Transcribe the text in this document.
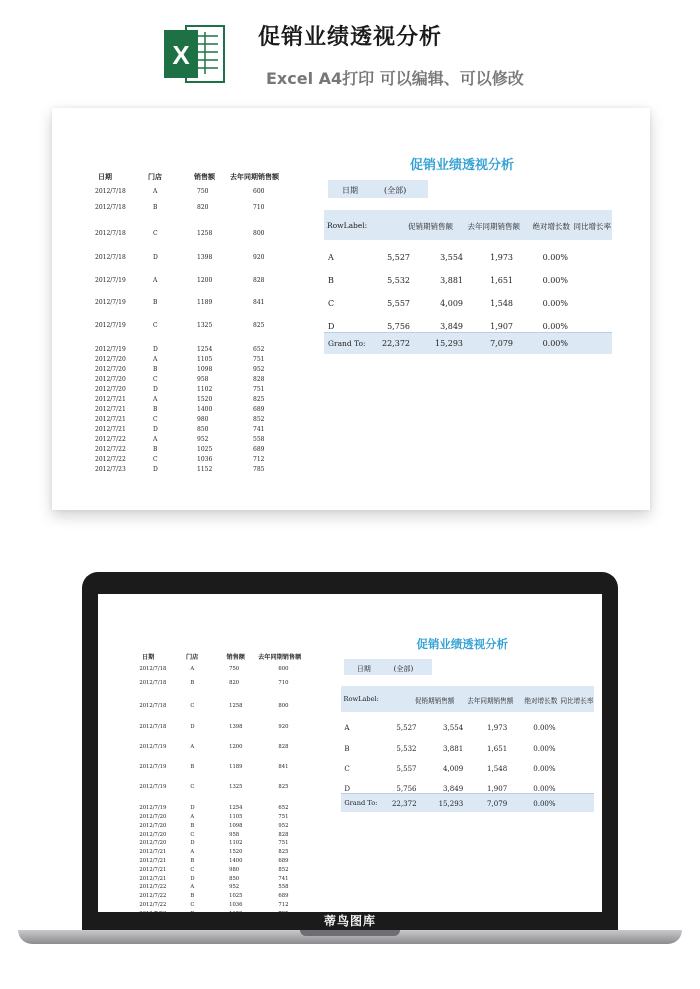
X
促销业绩透视分析
Excel A4打印 可以编辑、可以修改
日期	门店	销售额 去年同期销售额
2012/7/18	A	750	600
2012/7/18	B	820	710
2012/7/18	C	1258	800
2012/7/18	D	1398	920
2012/7/19	A	1200	828
2012/7/19	B	1189	841
2012/7/19	C	1325	825
2012/7/19	D	1254	652
2012/7/20	A	1105	751
2012/7/20	B	1098	952
2012/7/20	C	958	828
2012/7/20	D	1102	751
2012/7/21	A	1520	825
2012/7/21	B	1400	689
2012/7/21	C	980	852
2012/7/21	D	850	741
2012/7/22	A	952	558
2012/7/22	B	1025	689
2012/7/22	C	1036	712
2012/7/23	D	1152	785
促销业绩透视分析
日期	(全部)
RowLabel:	促销期销售额	去年同期销售额	绝对增长数 同比增长率
A	5,527	3,554	1,973	0.00%
B	5,532	3,881	1,651	0.00%
C	5,557	4,009	1,548	0.00%
D	5,756	3,849	1,907	0.00%
Grand To:	22,372	15,293	7,079	0.00%
日期	门店	销售额 去年同期销售额
2012/7/18	A	750	600
2012/7/18	B	820	710
2012/7/18	C	1258	800
2012/7/18	D	1398	920
2012/7/19	A	1200	828
2012/7/19	B	1189	841
2012/7/19	C	1325	825
2012/7/19	D	1254	652
2012/7/20	A	1105	751
2012/7/20	B	1098	952
2012/7/20	C	958	828
2012/7/20	D	1102	751
2012/7/21	A	1520	825
2012/7/21	B	1400	689
2012/7/21	C	980	852
2012/7/21	D	850	741
2012/7/22	A	952	558
2012/7/22	B	1025	689
2012/7/22	C	1036	712
2012/7/23	D	1152	785
促销业绩透视分析
日期	(全部)
RowLabel:	促销期销售额	去年同期销售额	绝对增长数 同比增长率
A	5,527	3,554	1,973	0.00%
B	5,532	3,881	1,651	0.00%
C	5,557	4,009	1,548	0.00%
D	5,756	3,849	1,907	0.00%
Grand To:	22,372	15,293	7,079	0.00%
蒂鸟图库
